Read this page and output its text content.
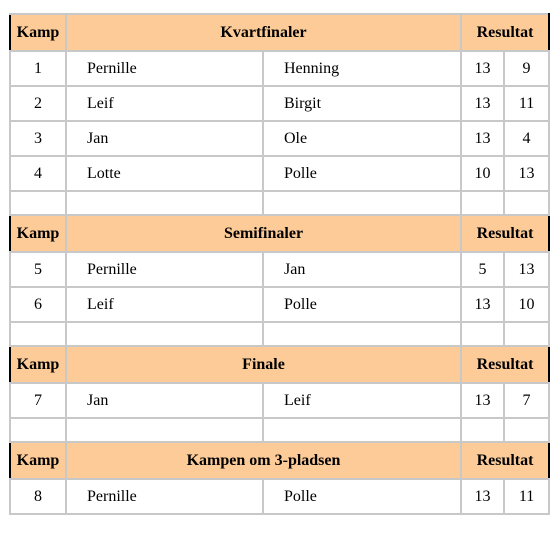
Kamp	Kvartfinaler		Resultat	
1	Pernille	Henning	13	9
2	Leif	Birgit	13	11
3	Jan	Ole	13	4
4	Lotte	Polle	10	13

Kamp	Semifinaler		Resultat	
5	Pernille	Jan	5	13
6	Leif	Polle	13	10

Kamp	Finale		Resultat	
7	Jan	Leif	13	7

Kamp	Kampen om 3-pladsen		Resultat	
8	Pernille	Polle	13	11
